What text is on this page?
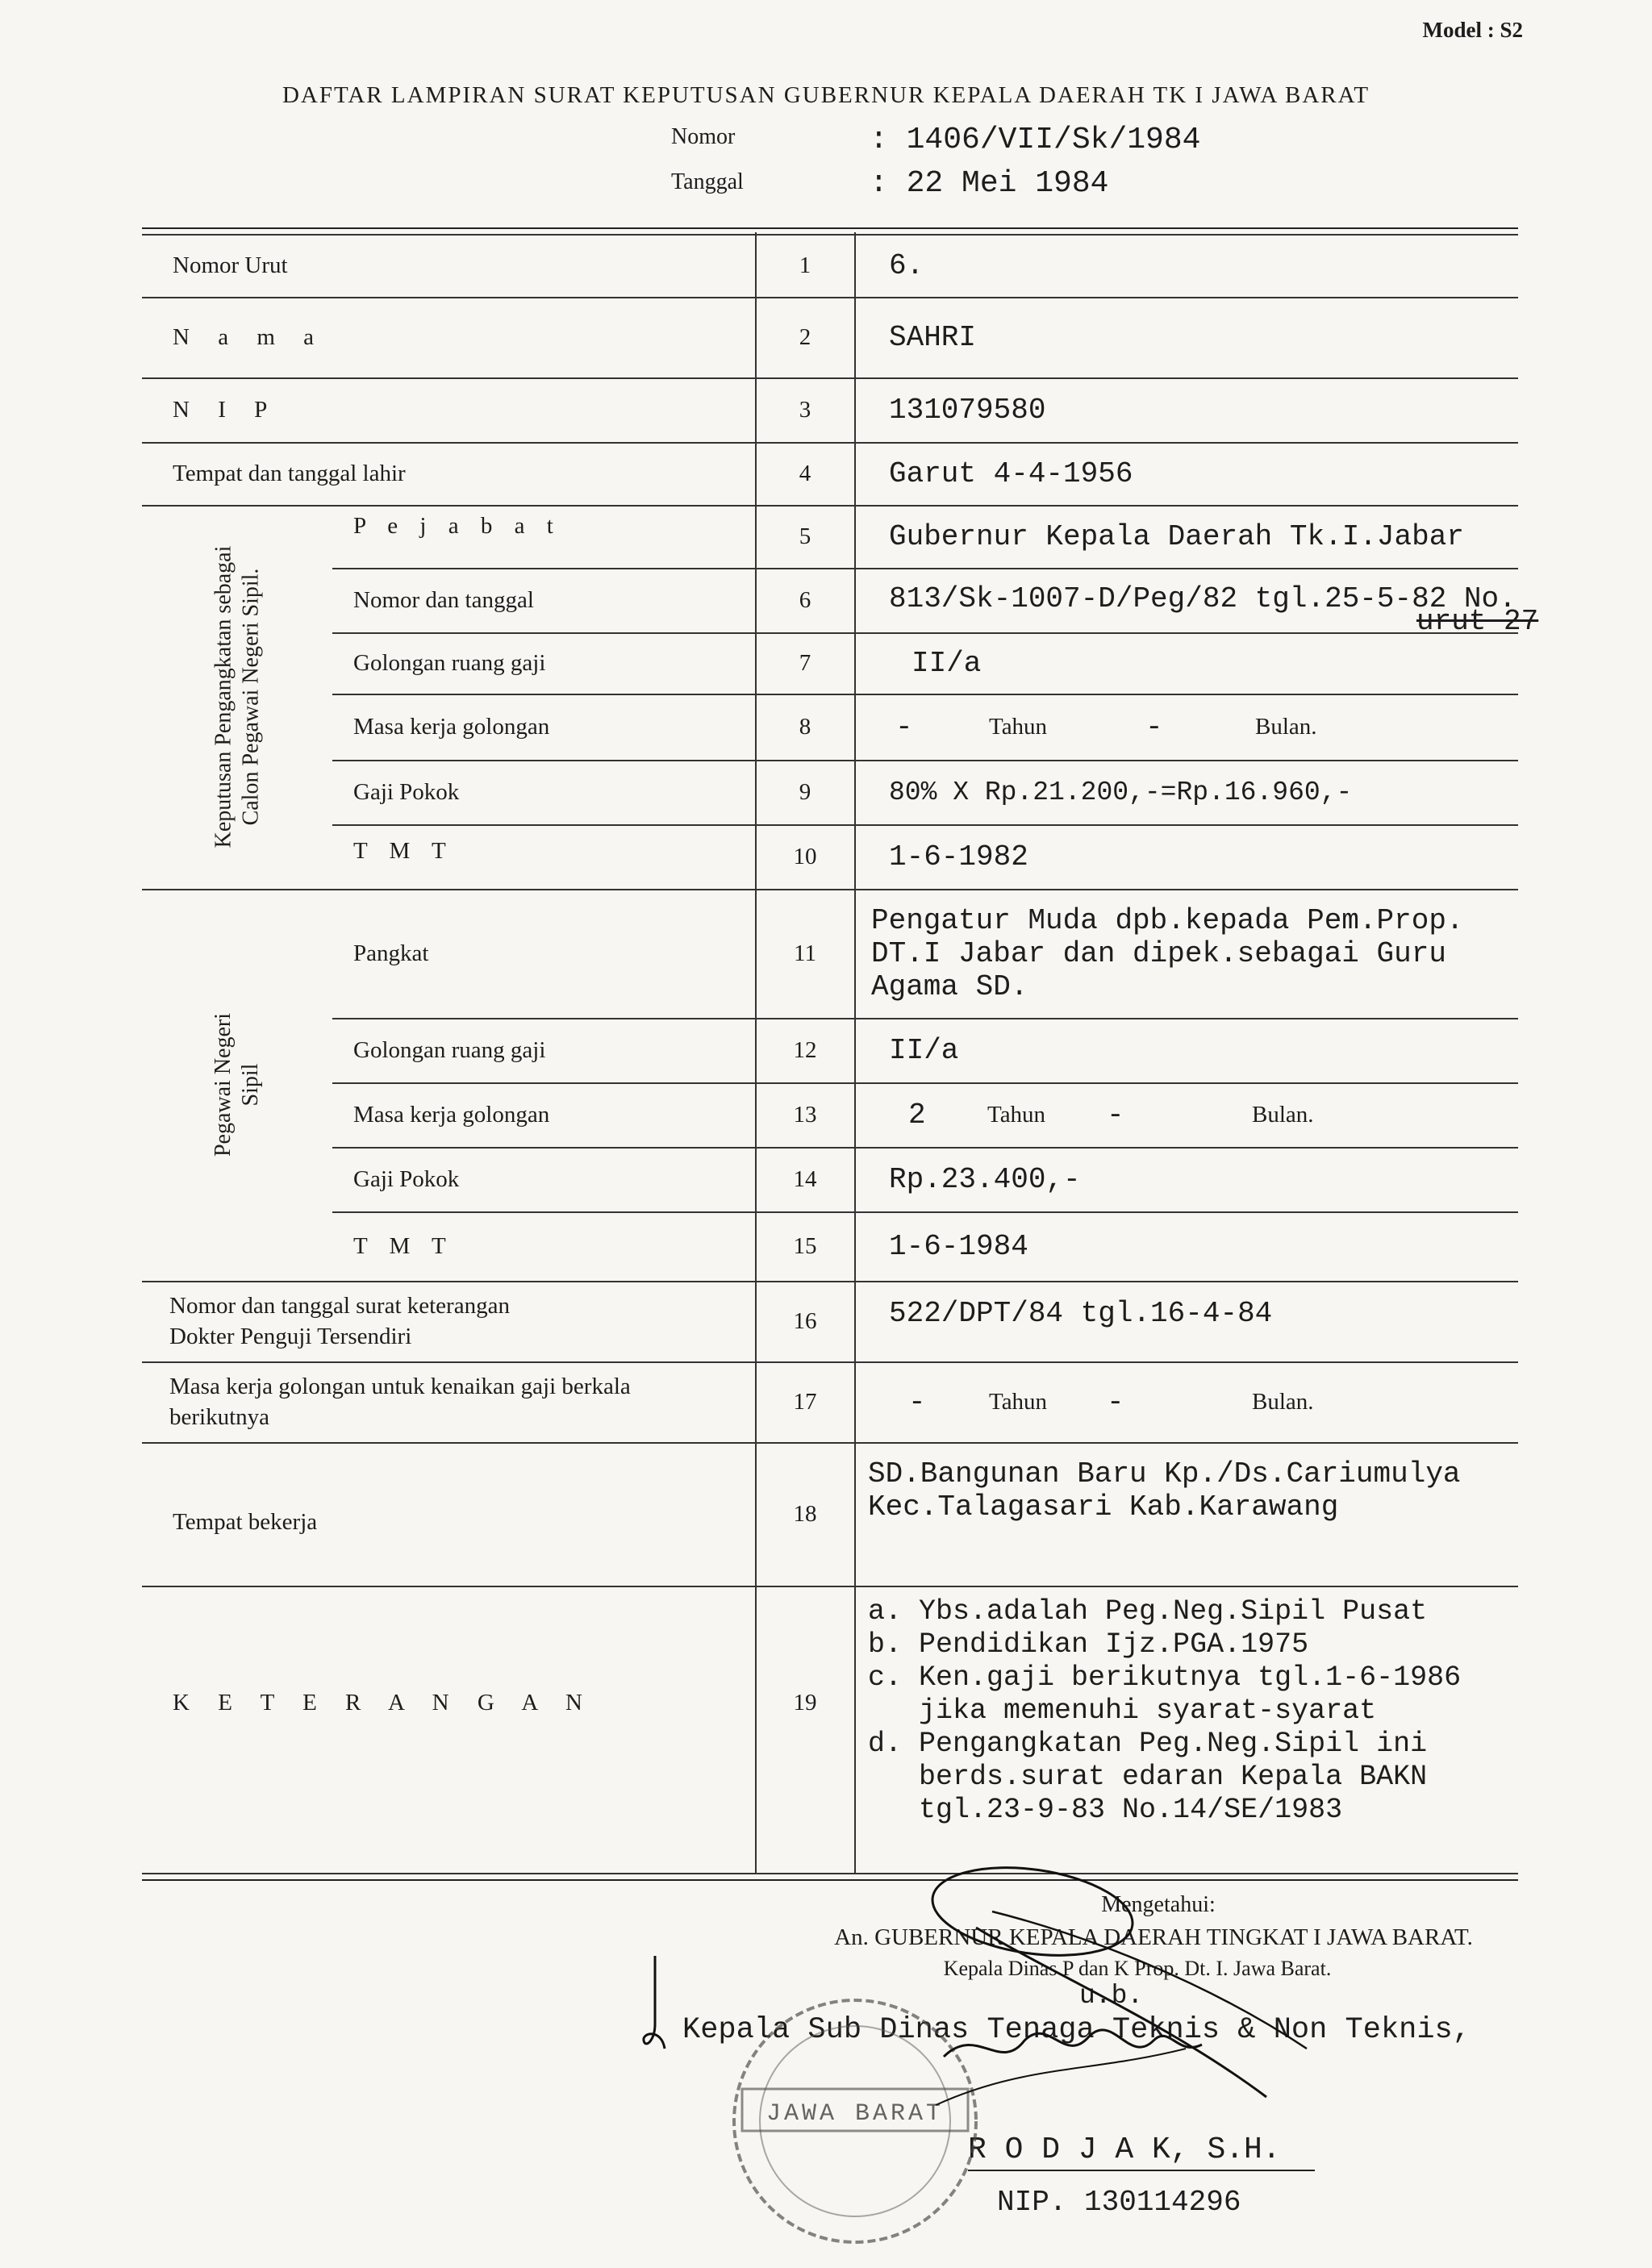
Model : S2
DAFTAR LAMPIRAN SURAT KEPUTUSAN GUBERNUR KEPALA DAERAH TK I JAWA BARAT
Nomor	: 1406/VII/Sk/1984
Tanggal	: 22 Mei 1984
Keputusan Pengangkatan sebagai
Calon Pegawai Negeri Sipil.
Pegawai Negeri
Sipil
Nomor Urut	1	6.
N a m a	2	SAHRI
N I P	3	131079580
Tempat dan tanggal lahir	4	Garut 4-4-1956
P e j a b a t	5	Gubernur Kepala Daerah Tk.I.Jabar
Nomor dan tanggal	6	813/Sk-1007-D/Peg/82 tgl.25-5-82 No.
urut 27
Golongan ruang gaji	7	II/a
Masa kerja golongan	8	-	Tahun	-	Bulan.
Gaji Pokok	9	80% X Rp.21.200,-=Rp.16.960,-
T M T	10	1-6-1982
Pangkat	11
Pengatur Muda dpb.kepada Pem.Prop.
DT.I Jabar dan dipek.sebagai Guru
Agama SD.
Golongan ruang gaji	12	II/a
Masa kerja golongan	13	2	Tahun -	Bulan.
Gaji Pokok	14	Rp.23.400,-
T M T	15	1-6-1984
Nomor dan tanggal surat keterangan
Dokter Penguji Tersendiri
16	522/DPT/84 tgl.16-4-84
Masa kerja golongan untuk kenaikan gaji berkala
berikutnya
17	-	Tahun -	Bulan.
Tempat bekerja	18
SD.Bangunan Baru Kp./Ds.Cariumulya
Kec.Talagasari Kab.Karawang
K E T E R A N G A N	19
a. Ybs.adalah Peg.Neg.Sipil Pusat
b. Pendidikan Ijz.PGA.1975
c. Ken.gaji berikutnya tgl.1-6-1986
jika memenuhi syarat-syarat
d. Pengangkatan Peg.Neg.Sipil ini
berds.surat edaran Kepala BAKN
tgl.23-9-83 No.14/SE/1983
Mengetahui:
An. GUBERNUR KEPALA DAERAH TINGKAT I JAWA BARAT.
Kepala Dinas P dan K Prop. Dt. I. Jawa Barat.
u.b.
Kepala Sub Dinas Tenaga Teknis & Non Teknis,
R O D J A K, S.H.
NIP. 130114296
JAWA BARAT
